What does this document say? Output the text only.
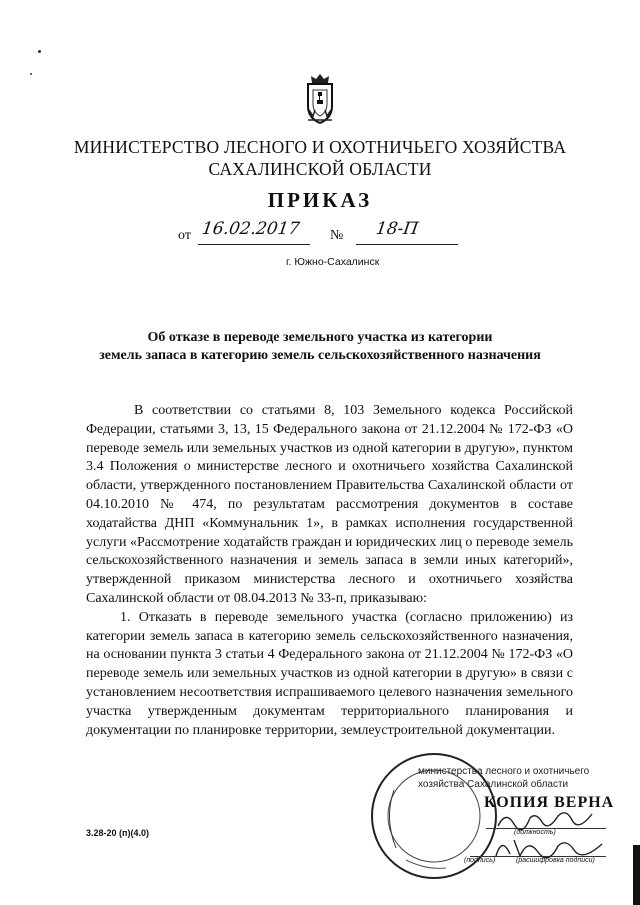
МИНИСТЕРСТВО ЛЕСНОГО И ОХОТНИЧЬЕГО ХОЗЯЙСТВА
САХАЛИНСКОЙ ОБЛАСТИ
ПРИКАЗ
от 16.02.2017 № 18-П
г. Южно-Сахалинск
Об отказе в переводе земельного участка из категории
земель запаса в категорию земель сельскохозяйственного назначения

В соответствии со статьями 8, 103 Земельного кодекса Российской Федерации, статьями 3, 13, 15 Федерального закона от 21.12.2004 № 172-ФЗ «О переводе земель или земельных участков из одной категории в другую», пунктом 3.4 Положения о министерстве лесного и охотничьего хозяйства Сахалинской области, утвержденного постановлением Правительства Сахалинской области от 04.10.2010 № 474, по результатам рассмотрения документов в составе ходатайства ДНП «Коммунальник 1», в рамках исполнения государственной услуги «Рассмотрение ходатайств граждан и юридических лиц о переводе земель сельскохозяйственного назначения и земель запаса в земли иных категорий», утвержденной приказом министерства лесного и охотничьего хозяйства Сахалинской области от 08.04.2013 № 33-п, приказываю:

1. Отказать в переводе земельного участка (согласно приложению) из категории земель запаса в категорию земель сельскохозяйственного назначения, на основании пункта 3 статьи 4 Федерального закона от 21.12.2004 № 172-ФЗ «О переводе земель или земельных участков из одной категории в другую» в связи с установлением несоответствия испрашиваемого целевого назначения земельного участка утвержденным документам территориального планирования и документации по планировке территории, землеустроительной документации.

3.28-20 (п)(4.0)
министерства лесного и охотничьего
хозяйства Сахалинской области
КОПИЯ ВЕРНА
(должность)
(подпись)	(расшифровка подписи)
